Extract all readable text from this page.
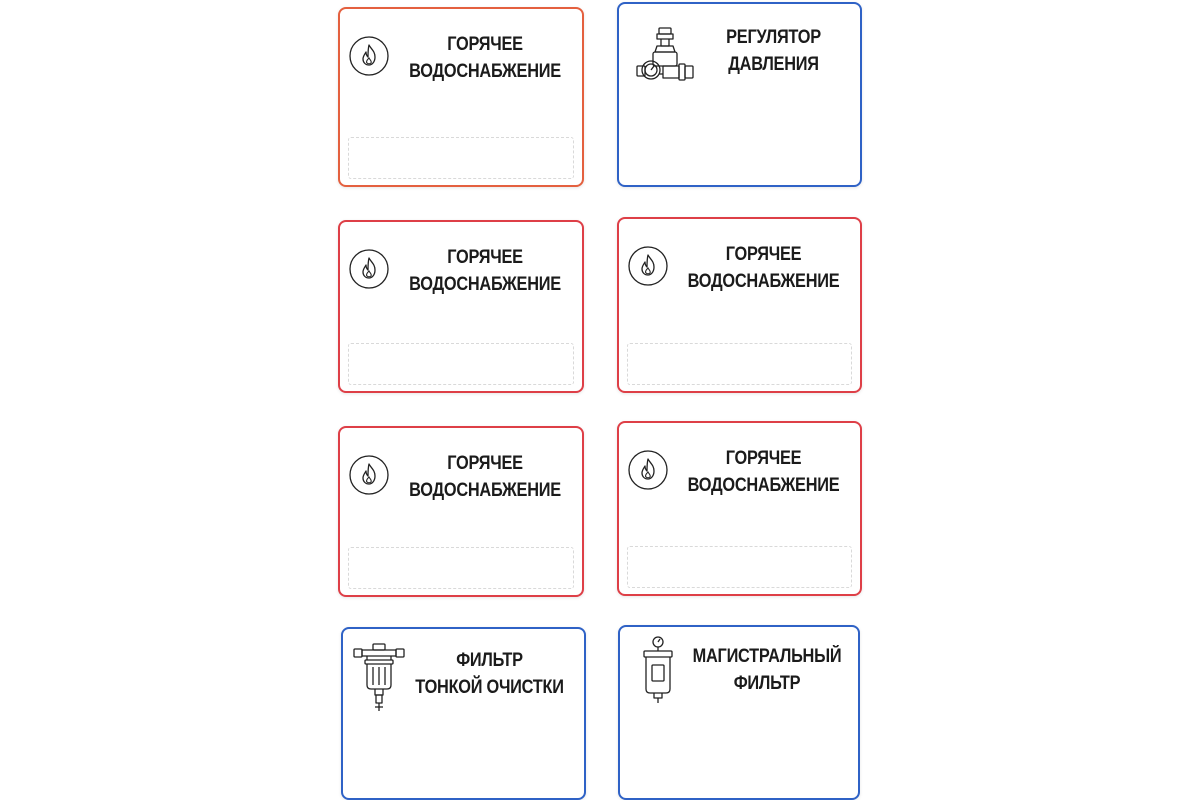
ГОРЯЧЕЕ
ВОДОСНАБЖЕНИЕ
РЕГУЛЯТОР
ДАВЛЕНИЯ
ГОРЯЧЕЕ
ВОДОСНАБЖЕНИЕ
ГОРЯЧЕЕ
ВОДОСНАБЖЕНИЕ
ГОРЯЧЕЕ
ВОДОСНАБЖЕНИЕ
ГОРЯЧЕЕ
ВОДОСНАБЖЕНИЕ
ФИЛЬТР
ТОНКОЙ ОЧИСТКИ
МАГИСТРАЛЬНЫЙ
ФИЛЬТР
